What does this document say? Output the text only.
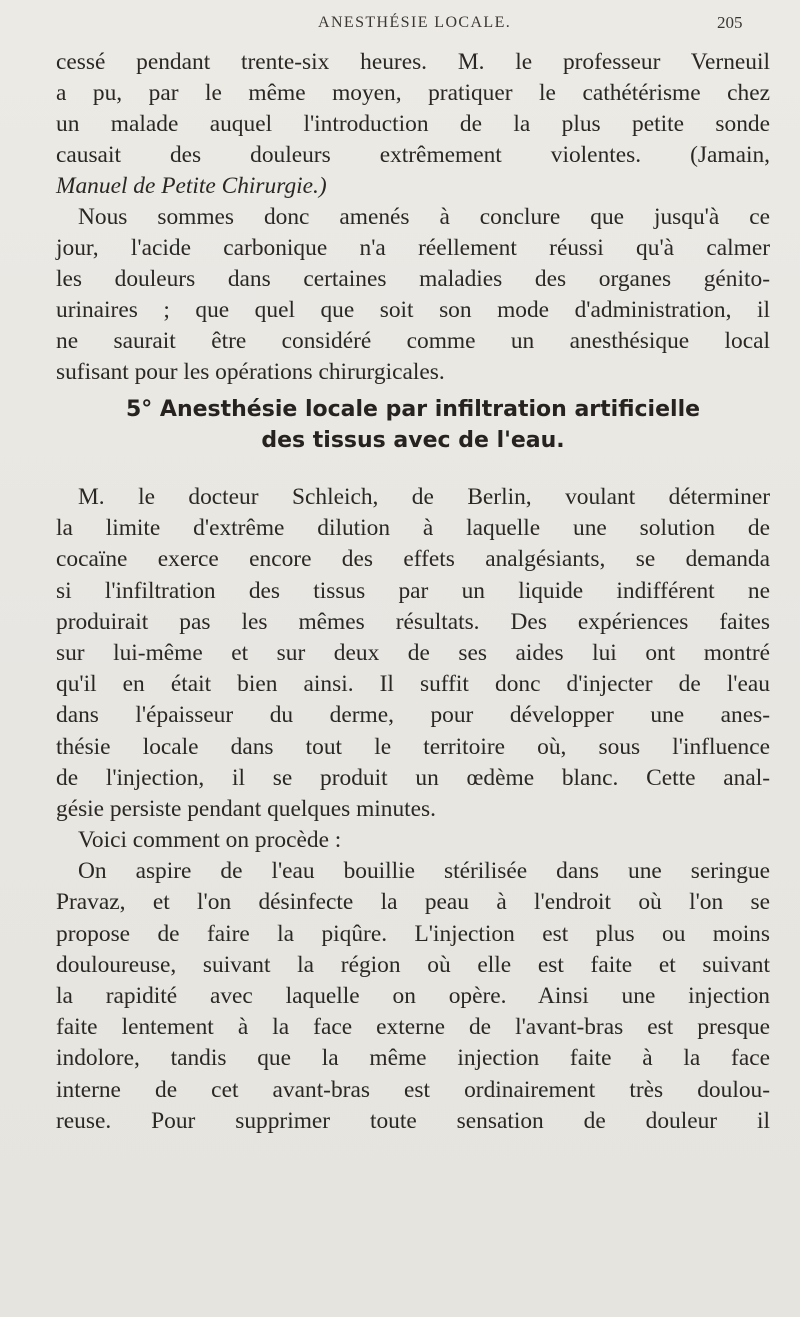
ANESTHÉSIE LOCALE.	205
cessé pendant trente-six heures. M. le professeur Verneuil
a pu, par le même moyen, pratiquer le cathétérisme chez
un malade auquel l'introduction de la plus petite sonde
causait des douleurs extrêmement violentes. (Jamain,
Manuel de Petite Chirurgie.)
Nous sommes donc amenés à conclure que jusqu'à ce
jour, l'acide carbonique n'a réellement réussi qu'à calmer
les douleurs dans certaines maladies des organes génito-
urinaires ; que quel que soit son mode d'administration, il
ne saurait être considéré comme un anesthésique local
sufisant pour les opérations chirurgicales.
5° Anesthésie locale par infiltration artificielle
des tissus avec de l'eau.
M. le docteur Schleich, de Berlin, voulant déterminer
la limite d'extrême dilution à laquelle une solution de
cocaïne exerce encore des effets analgésiants, se demanda
si l'infiltration des tissus par un liquide indifférent ne
produirait pas les mêmes résultats. Des expériences faites
sur lui-même et sur deux de ses aides lui ont montré
qu'il en était bien ainsi. Il suffit donc d'injecter de l'eau
dans l'épaisseur du derme, pour développer une anes-
thésie locale dans tout le territoire où, sous l'influence
de l'injection, il se produit un œdème blanc. Cette anal-
gésie persiste pendant quelques minutes.
Voici comment on procède :
On aspire de l'eau bouillie stérilisée dans une seringue
Pravaz, et l'on désinfecte la peau à l'endroit où l'on se
propose de faire la piqûre. L'injection est plus ou moins
douloureuse, suivant la région où elle est faite et suivant
la rapidité avec laquelle on opère. Ainsi une injection
faite lentement à la face externe de l'avant-bras est presque
indolore, tandis que la même injection faite à la face
interne de cet avant-bras est ordinairement très doulou-
reuse. Pour supprimer toute sensation de douleur il
